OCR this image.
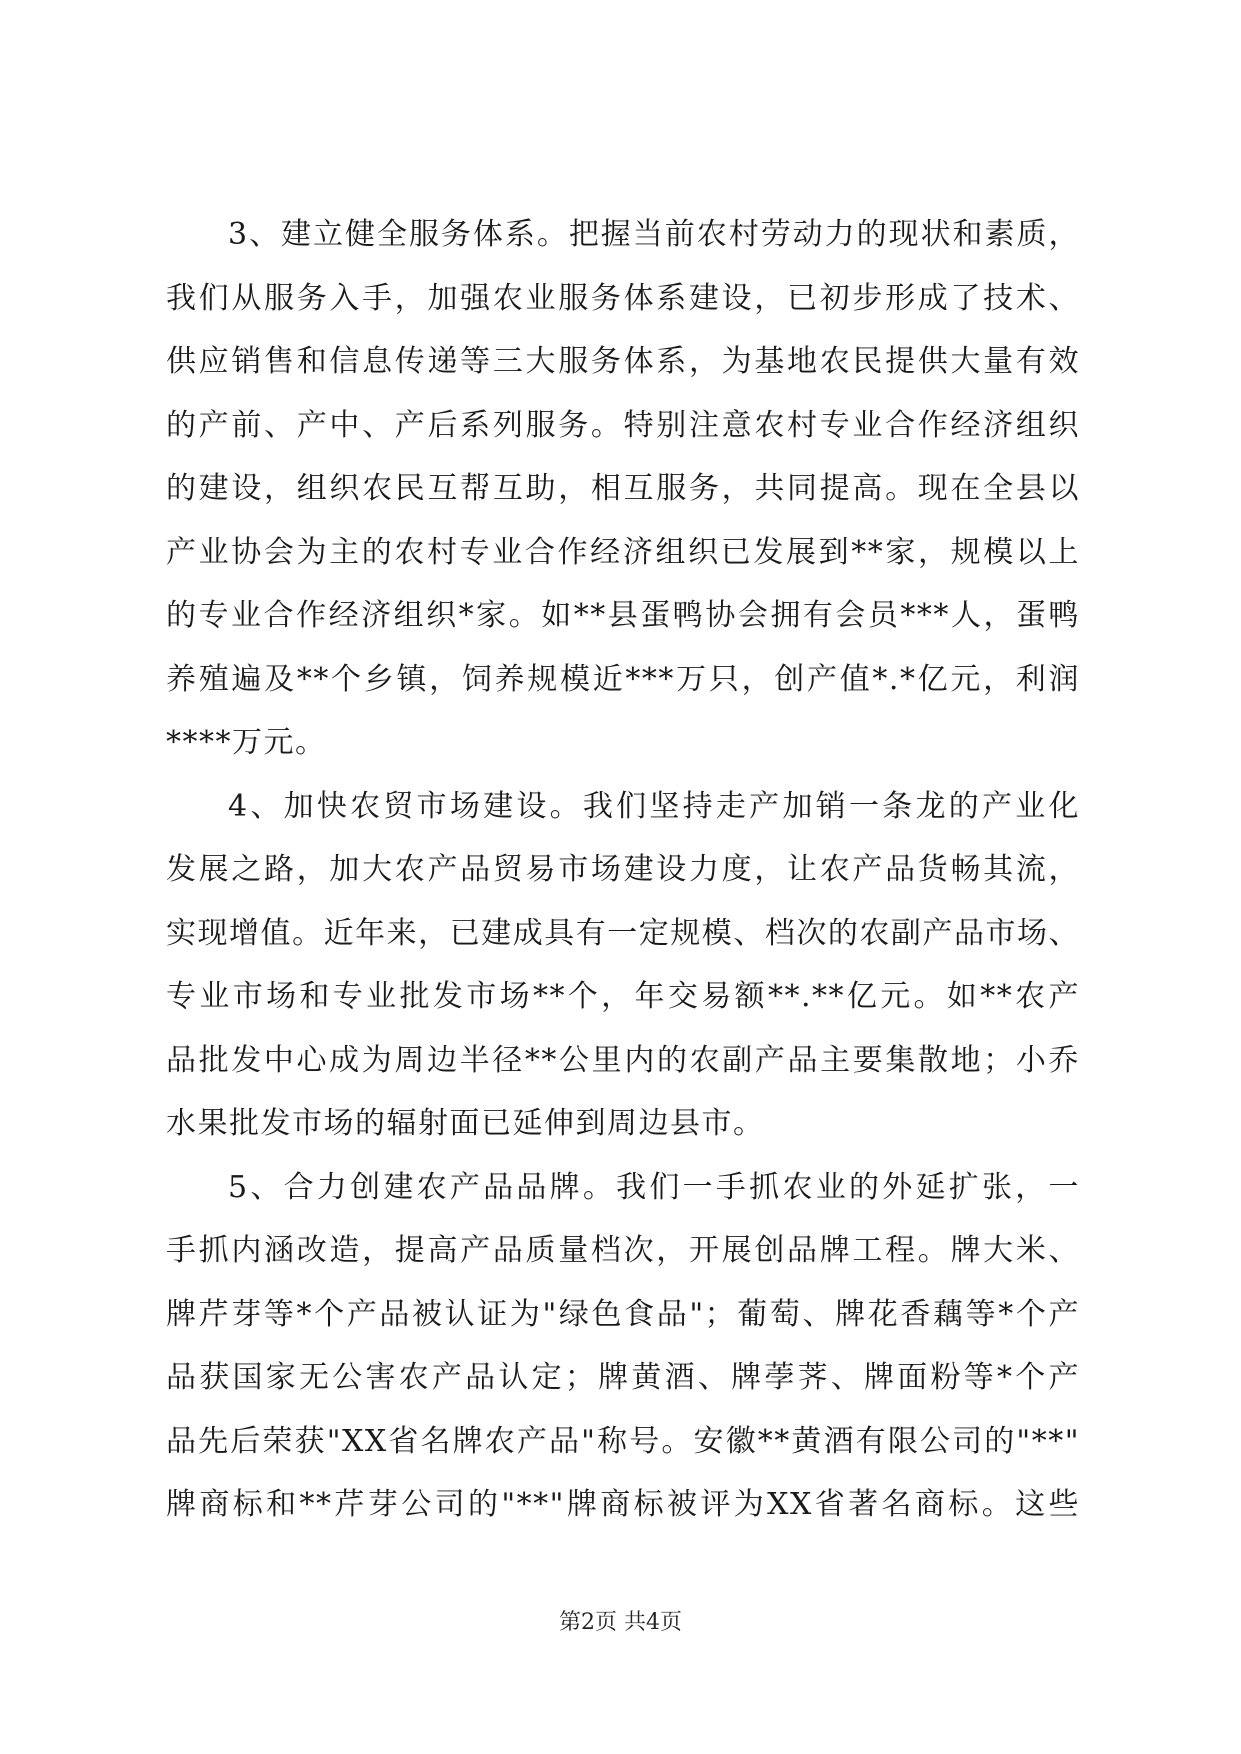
3、建立健全服务体系。把握当前农村劳动力的现状和素质，
我们从服务入手，加强农业服务体系建设，已初步形成了技术、
供应销售和信息传递等三大服务体系，为基地农民提供大量有效
的产前、产中、产后系列服务。特别注意农村专业合作经济组织
的建设，组织农民互帮互助，相互服务，共同提高。现在全县以
产业协会为主的农村专业合作经济组织已发展到**家，规模以上
的专业合作经济组织*家。如**县蛋鸭协会拥有会员***人，蛋鸭
养殖遍及**个乡镇，饲养规模近***万只，创产值*.*亿元，利润
****万元。
4、加快农贸市场建设。我们坚持走产加销一条龙的产业化
发展之路，加大农产品贸易市场建设力度，让农产品货畅其流，
实现增值。近年来，已建成具有一定规模、档次的农副产品市场、
专业市场和专业批发市场**个，年交易额**.**亿元。如**农产
品批发中心成为周边半径**公里内的农副产品主要集散地；小乔
水果批发市场的辐射面已延伸到周边县市。
5、合力创建农产品品牌。我们一手抓农业的外延扩张，一
手抓内涵改造，提高产品质量档次，开展创品牌工程。牌大米、
牌芹芽等*个产品被认证为"绿色食品"；葡萄、牌花香藕等*个产
品获国家无公害农产品认定；牌黄酒、牌荸荠、牌面粉等*个产
品先后荣获"XX省名牌农产品"称号。安徽**黄酒有限公司的"**"
牌商标和**芹芽公司的"**"牌商标被评为XX省著名商标。这些
第2页 共4页
